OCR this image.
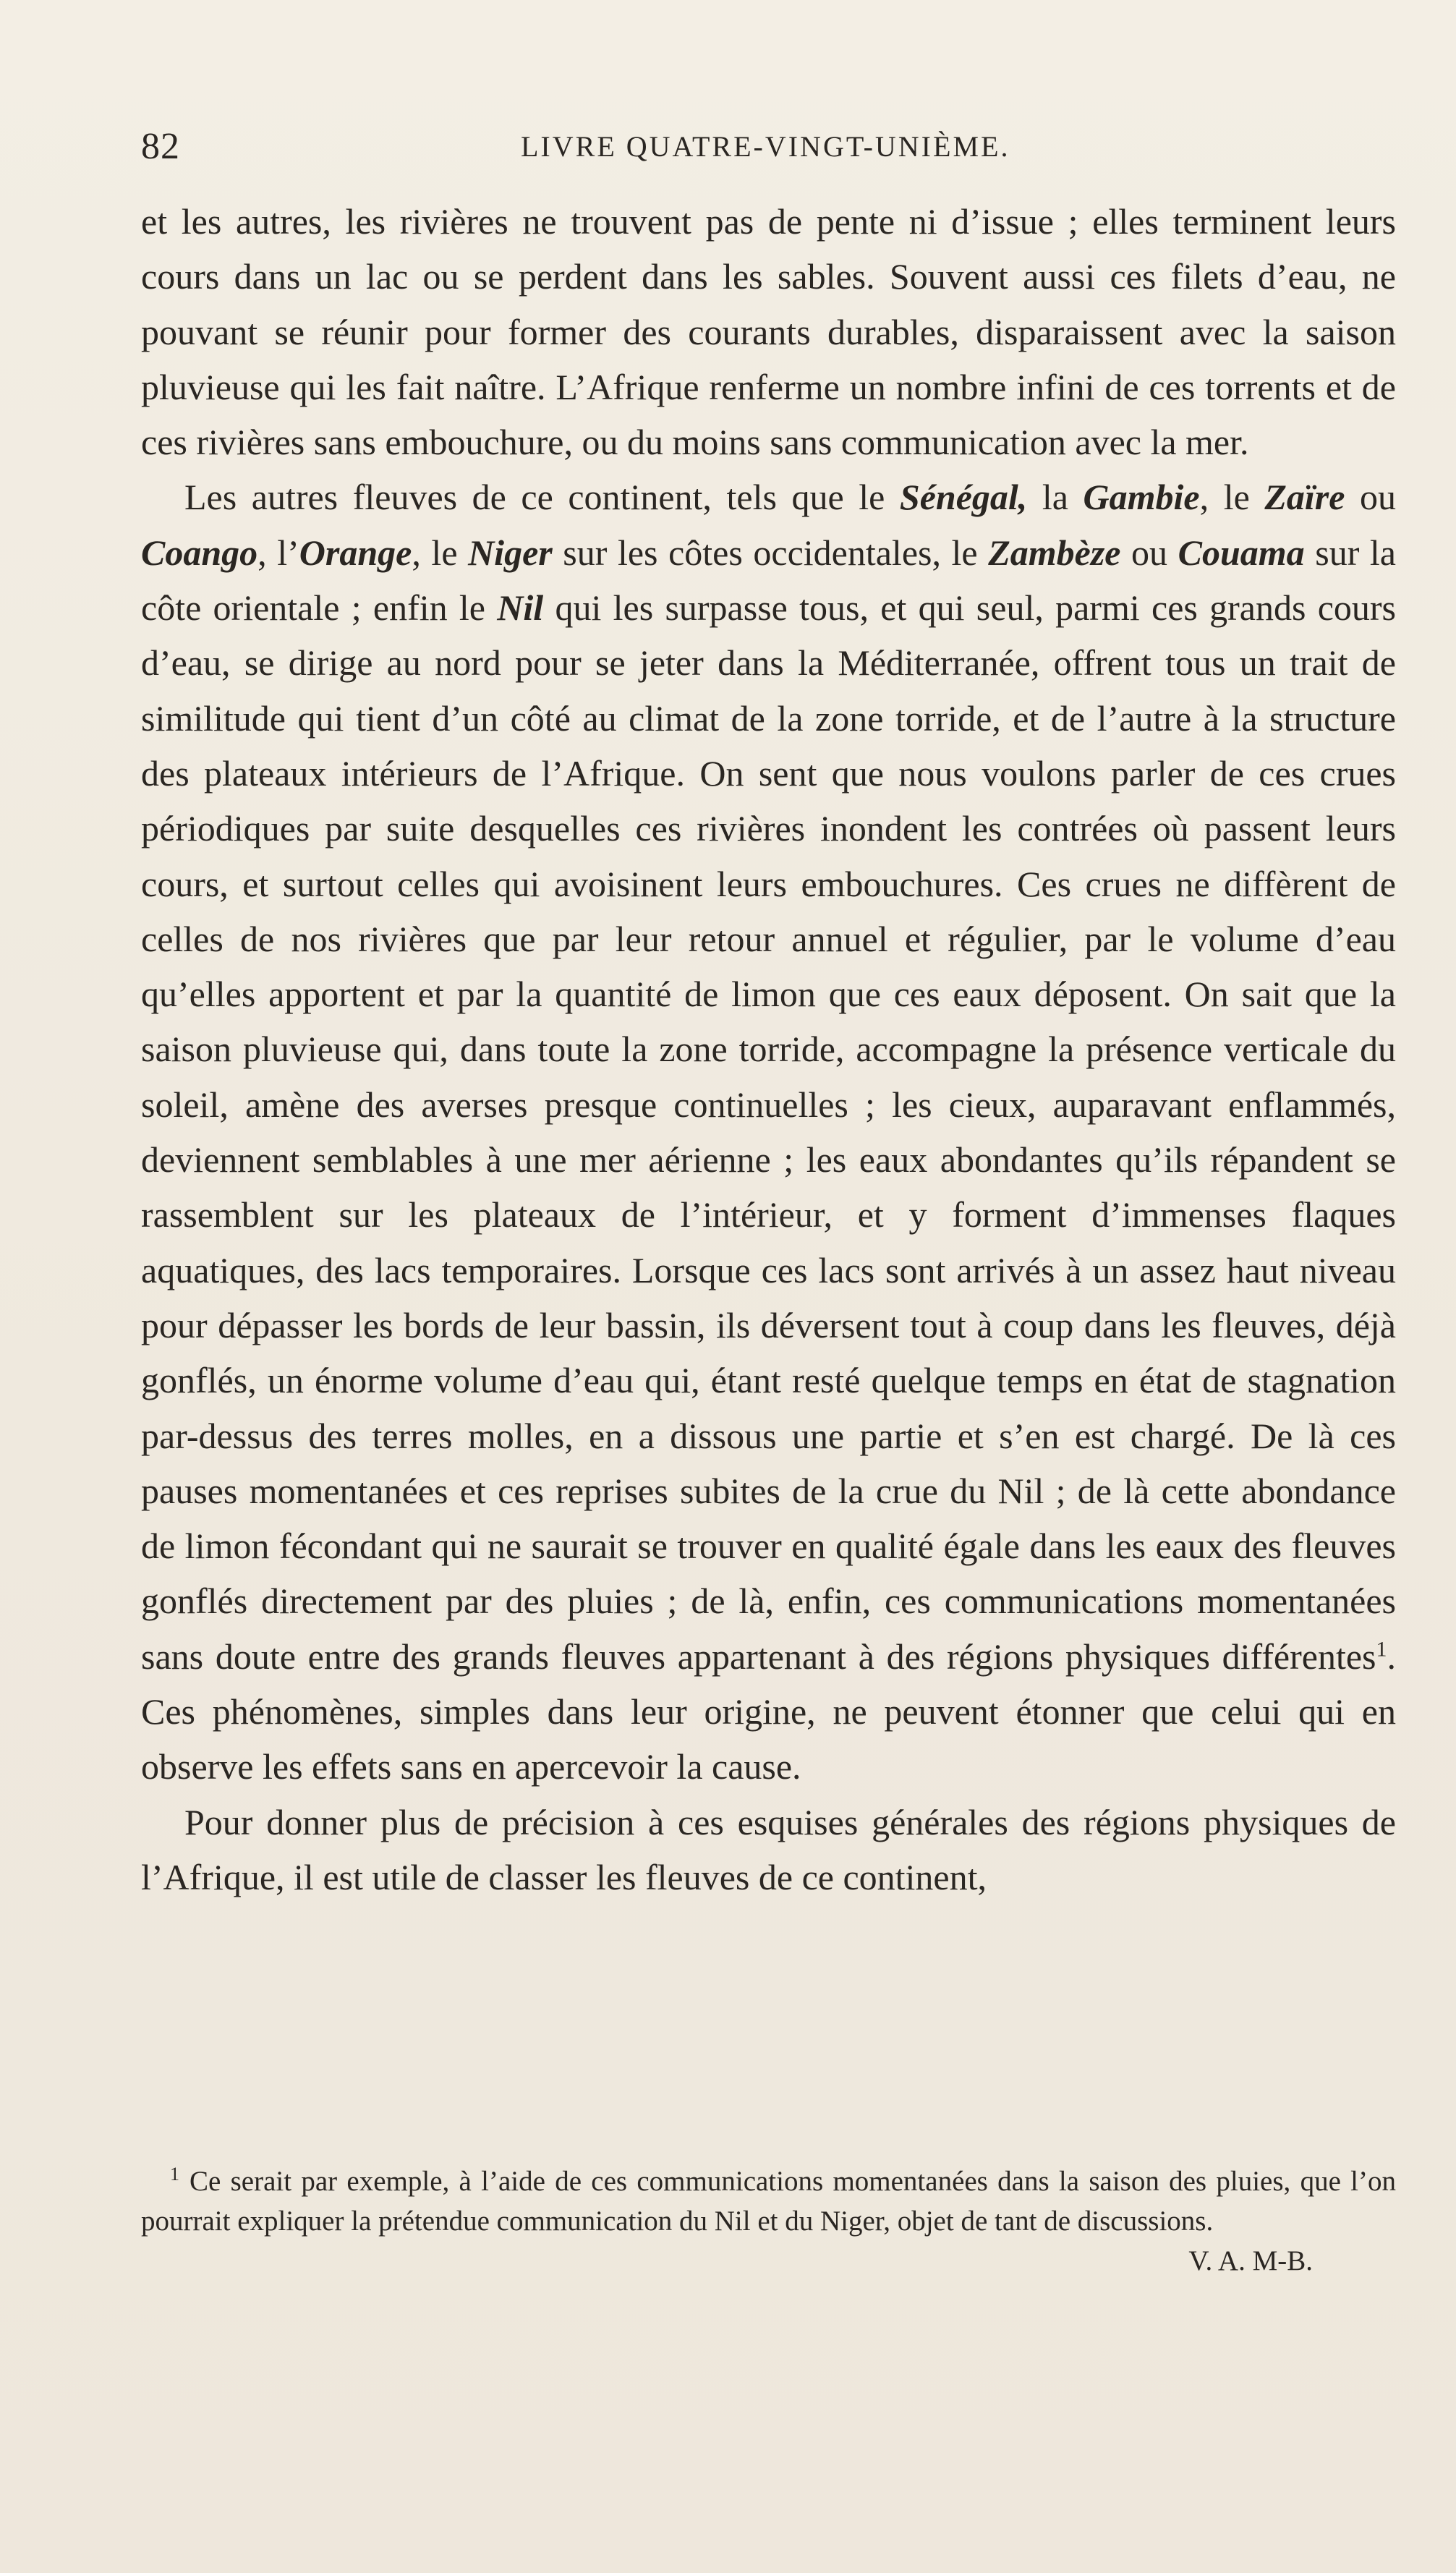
82	LIVRE QUATRE-VINGT-UNIÈME.

et les autres, les rivières ne trouvent pas de pente ni d’issue ; elles terminent leurs cours dans un lac ou se perdent dans les sables. Souvent aussi ces filets d’eau, ne pouvant se réunir pour former des courants durables, disparaissent avec la saison pluvieuse qui les fait naître. L’Afrique renferme un nombre infini de ces torrents et de ces rivières sans embouchure, ou du moins sans communication avec la mer.

Les autres fleuves de ce continent, tels que le Sénégal, la Gambie, le Zaïre ou Coango, l’Orange, le Niger sur les côtes occidentales, le Zambèze ou Couama sur la côte orientale ; enfin le Nil qui les surpasse tous, et qui seul, parmi ces grands cours d’eau, se dirige au nord pour se jeter dans la Méditerranée, offrent tous un trait de similitude qui tient d’un côté au climat de la zone torride, et de l’autre à la structure des plateaux intérieurs de l’Afrique. On sent que nous voulons parler de ces crues périodiques par suite desquelles ces rivières inondent les contrées où passent leurs cours, et surtout celles qui avoisinent leurs embouchures. Ces crues ne diffèrent de celles de nos rivières que par leur retour annuel et régulier, par le volume d’eau qu’elles apportent et par la quantité de limon que ces eaux déposent. On sait que la saison pluvieuse qui, dans toute la zone torride, accompagne la présence verticale du soleil, amène des averses presque continuelles ; les cieux, auparavant enflammés, deviennent semblables à une mer aérienne ; les eaux abondantes qu’ils répandent se rassemblent sur les plateaux de l’intérieur, et y forment d’immenses flaques aquatiques, des lacs temporaires. Lorsque ces lacs sont arrivés à un assez haut niveau pour dépasser les bords de leur bassin, ils déversent tout à coup dans les fleuves, déjà gonflés, un énorme volume d’eau qui, étant resté quelque temps en état de stagnation par-dessus des terres molles, en a dissous une partie et s’en est chargé. De là ces pauses momentanées et ces reprises subites de la crue du Nil ; de là cette abondance de limon fécondant qui ne saurait se trouver en qualité égale dans les eaux des fleuves gonflés directement par des pluies ; de là, enfin, ces communications momentanées sans doute entre des grands fleuves appartenant à des régions physiques différentes$^1$. Ces phénomènes, simples dans leur origine, ne peuvent étonner que celui qui en observe les effets sans en apercevoir la cause.

Pour donner plus de précision à ces esquises générales des régions physiques de l’Afrique, il est utile de classer les fleuves de ce continent,

$^1$ Ce serait par exemple, à l’aide de ces communications momentanées dans la saison des pluies, que l’on pourrait expliquer la prétendue communication du Nil et du Niger, objet de tant de discussions.
V. A. M-B.
